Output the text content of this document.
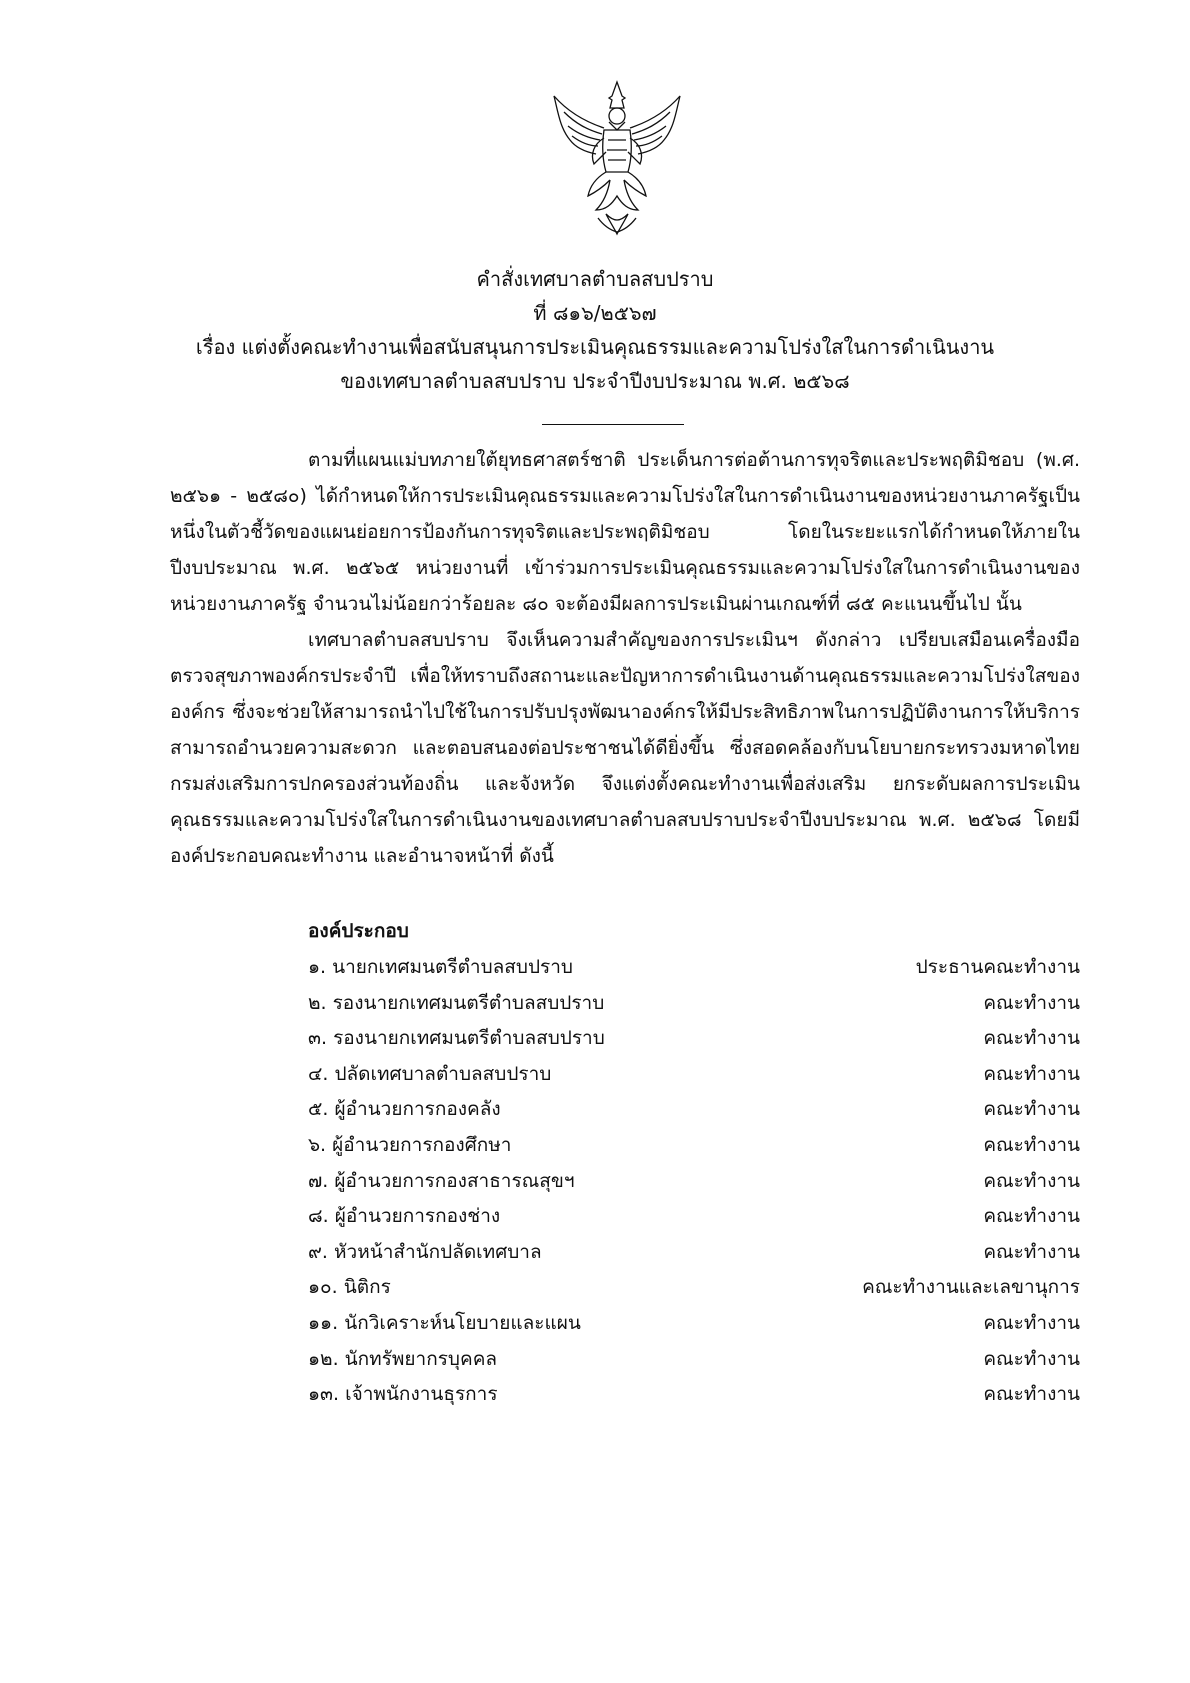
คำสั่งเทศบาลตำบลสบปราบ
ที่ ๘๑๖/๒๕๖๗
เรื่อง แต่งตั้งคณะทำงานเพื่อสนับสนุนการประเมินคุณธรรมและความโปร่งใสในการดำเนินงาน
ของเทศบาลตำบลสบปราบ ประจำปีงบประมาณ พ.ศ. ๒๕๖๘

ตามที่แผนแม่บทภายใต้ยุทธศาสตร์ชาติ ประเด็นการต่อต้านการทุจริตและประพฤติมิชอบ (พ.ศ. ๒๕๖๑ - ๒๕๘๐) ได้กำหนดให้การประเมินคุณธรรมและความโปร่งใสในการดำเนินงานของหน่วยงานภาครัฐเป็นหนึ่งในตัวชี้วัดของแผนย่อยการป้องกันการทุจริตและประพฤติมิชอบ โดยในระยะแรกได้กำหนดให้ภายในปีงบประมาณ พ.ศ. ๒๕๖๕ หน่วยงานที่ เข้าร่วมการประเมินคุณธรรมและความโปร่งใสในการดำเนินงานของหน่วยงานภาครัฐ จำนวนไม่น้อยกว่าร้อยละ ๘๐ จะต้องมีผลการประเมินผ่านเกณฑ์ที่ ๘๕ คะแนนขึ้นไป นั้น

เทศบาลตำบลสบปราบ จึงเห็นความสำคัญของการประเมินฯ ดังกล่าว เปรียบเสมือนเครื่องมือตรวจสุขภาพองค์กรประจำปี เพื่อให้ทราบถึงสถานะและปัญหาการดำเนินงานด้านคุณธรรมและความโปร่งใสขององค์กร ซึ่งจะช่วยให้สามารถนำไปใช้ในการปรับปรุงพัฒนาองค์กรให้มีประสิทธิภาพในการปฏิบัติงานการให้บริการสามารถอำนวยความสะดวก และตอบสนองต่อประชาชนได้ดียิ่งขึ้น ซึ่งสอดคล้องกับนโยบายกระทรวงมหาดไทย กรมส่งเสริมการปกครองส่วนท้องถิ่น และจังหวัด จึงแต่งตั้งคณะทำงานเพื่อส่งเสริม ยกระดับผลการประเมินคุณธรรมและความโปร่งใสในการดำเนินงานของเทศบาลตำบลสบปราบประจำปีงบประมาณ พ.ศ. ๒๕๖๘ โดยมีองค์ประกอบคณะทำงาน และอำนาจหน้าที่ ดังนี้

องค์ประกอบ
๑. นายกเทศมนตรีตำบลสบปราบ	ประธานคณะทำงาน
๒. รองนายกเทศมนตรีตำบลสบปราบ	คณะทำงาน
๓. รองนายกเทศมนตรีตำบลสบปราบ	คณะทำงาน
๔. ปลัดเทศบาลตำบลสบปราบ	คณะทำงาน
๕. ผู้อำนวยการกองคลัง	คณะทำงาน
๖. ผู้อำนวยการกองศึกษา	คณะทำงาน
๗. ผู้อำนวยการกองสาธารณสุขฯ	คณะทำงาน
๘. ผู้อำนวยการกองช่าง	คณะทำงาน
๙. หัวหน้าสำนักปลัดเทศบาล	คณะทำงาน
๑๐. นิติกร	คณะทำงานและเลขานุการ
๑๑. นักวิเคราะห์นโยบายและแผน	คณะทำงาน
๑๒. นักทรัพยากรบุคคล	คณะทำงาน
๑๓. เจ้าพนักงานธุรการ	คณะทำงาน
